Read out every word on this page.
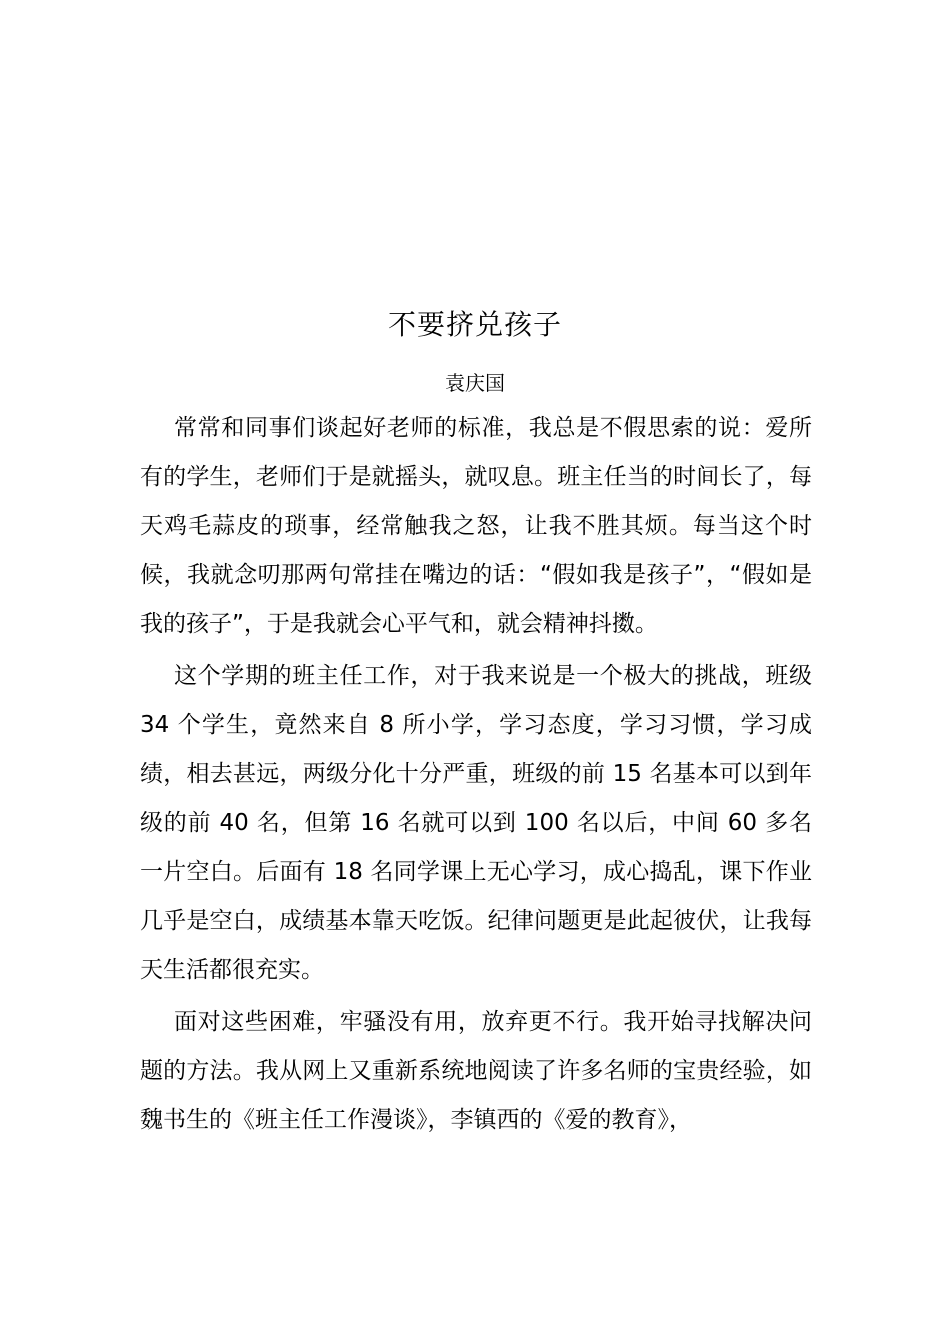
不要挤兑孩子
袁庆国

常常和同事们谈起好老师的标准，我总是不假思索的说：爱所有的学生，老师们于是就摇头，就叹息。班主任当的时间长了，每天鸡毛蒜皮的琐事，经常触我之怒，让我不胜其烦。每当这个时候，我就念叨那两句常挂在嘴边的话：“假如我是孩子”，“假如是我的孩子”，于是我就会心平气和，就会精神抖擞。

这个学期的班主任工作，对于我来说是一个极大的挑战，班级 34 个学生，竟然来自 8 所小学，学习态度，学习习惯，学习成绩，相去甚远，两级分化十分严重，班级的前 15 名基本可以到年级的前 40 名，但第 16 名就可以到 100 名以后，中间 60 多名一片空白。后面有 18 名同学课上无心学习，成心捣乱，课下作业几乎是空白，成绩基本靠天吃饭。纪律问题更是此起彼伏，让我每天生活都很充实。

面对这些困难，牢骚没有用，放弃更不行。我开始寻找解决问题的方法。我从网上又重新系统地阅读了许多名师的宝贵经验，如魏书生的《班主任工作漫谈》，李镇西的《爱的教育》，
